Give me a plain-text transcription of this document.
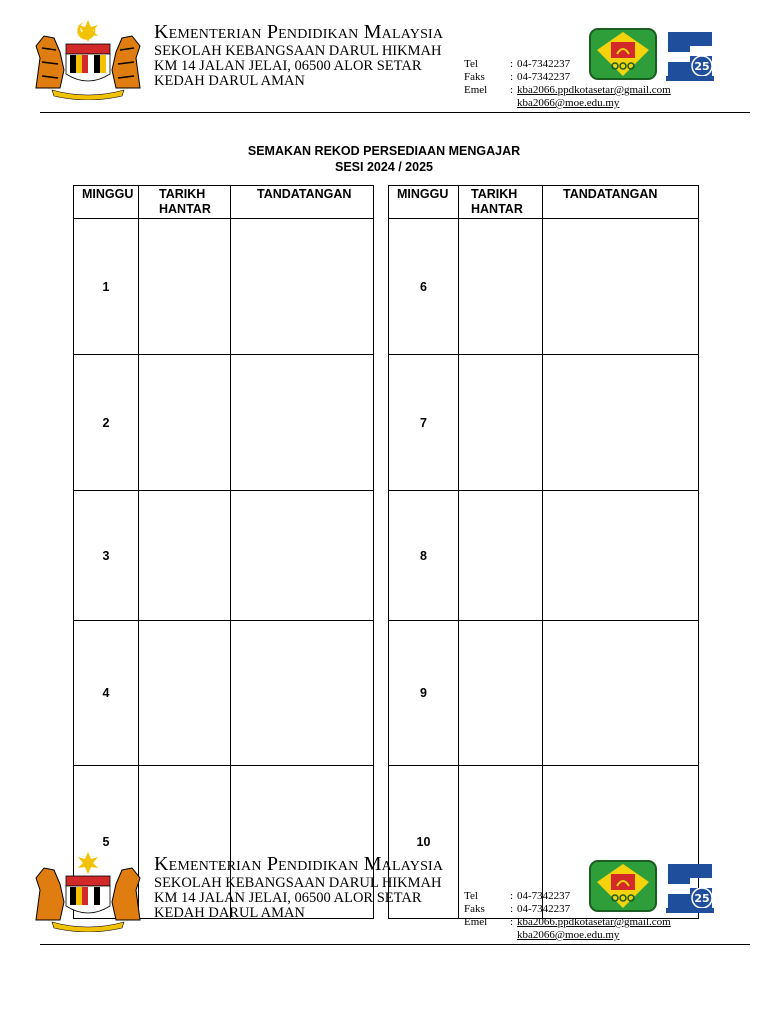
Kementerian Pendidikan Malaysia
SEKOLAH KEBANGSAAN DARUL HIKMAH
KM 14 JALAN JELAI, 06500 ALOR SETAR
KEDAH DARUL AMAN
Tel	: 04-7342237
Faks	: 04-7342237
Emel	: kba2066.ppdkotasetar@gmail.com
kba2066@moe.edu.my
25
SEMAKAN REKOD PERSEDIAAN MENGAJAR
SESI 2024 / 2025
MINGGU	TARIKH HANTAR	TANDATANGAN
1		
2		
3		
4		
5		
MINGGU	TARIKH HANTAR	TANDATANGAN
6		
7		
8		
9		
10		
Kementerian Pendidikan Malaysia
SEKOLAH KEBANGSAAN DARUL HIKMAH
KM 14 JALAN JELAI, 06500 ALOR SETAR
KEDAH DARUL AMAN
Tel	: 04-7342237
Faks	: 04-7342237
Emel	: kba2066.ppdkotasetar@gmail.com
kba2066@moe.edu.my
25
